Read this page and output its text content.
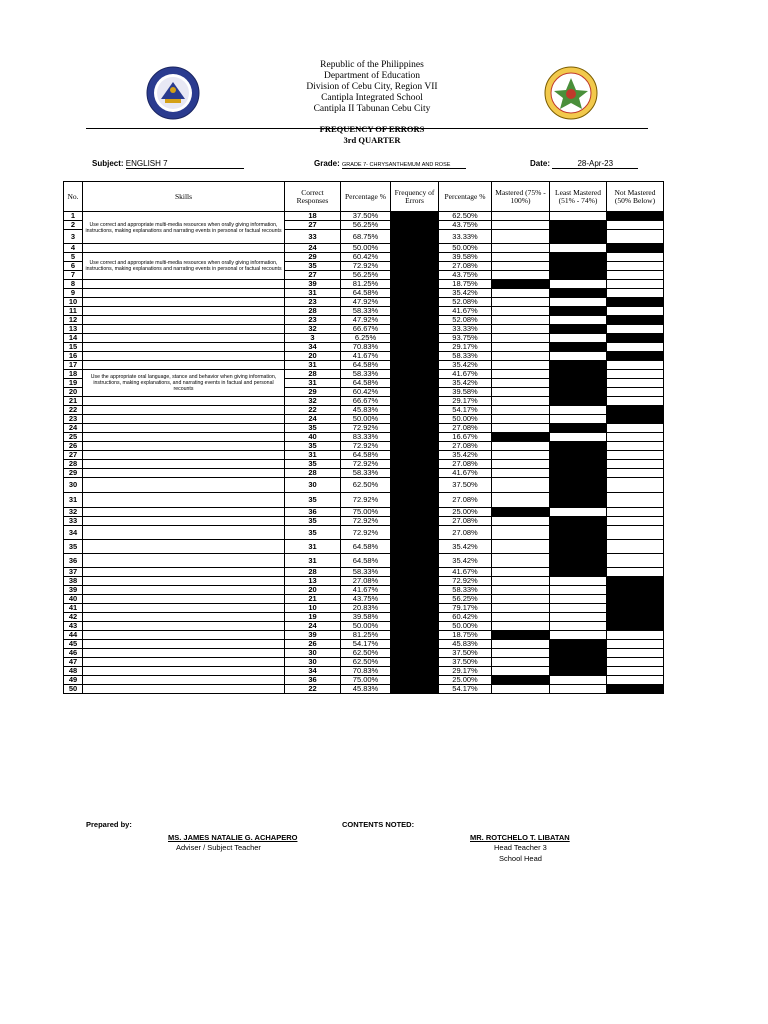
Republic of the Philippines
Department of Education
Division of Cebu City, Region VII
Cantipla Integrated School
Cantipla II Tabunan Cebu City
FREQUENCY OF ERRORS
3rd QUARTER
Subject: ENGLISH 7	Grade: GRADE 7- CHRYSANTHEMUM AND ROSE	Date:	28-Apr-23
No.	Skills	Correct Responses	Percentage %	Frequency of Errors	Percentage %	Mastered (75% - 100%)	Least Mastered (51% - 74%)	Not Mastered (50% Below)
1	Use correct and appropriate multi-media resources when orally giving information, instructions, making explanations and narrating events in personal or factual recounts	18	37.50%		62.50%			
2		27	56.25%		43.75%			
3		33	68.75%		33.33%			
4		24	50.00%		50.00%			
5	Use correct and appropriate multi-media resources when orally giving information, instructions, making explanations and narrating events in personal or factual recounts	29	60.42%		39.58%			
6		35	72.92%		27.08%			
7		27	56.25%		43.75%			
8		39	81.25%		18.75%			
9		31	64.58%		35.42%			
10		23	47.92%		52.08%			
11		28	58.33%		41.67%			
12		23	47.92%		52.08%			
13		32	66.67%		33.33%			
14		3	6.25%		93.75%			
15		34	70.83%		29.17%			
16		20	41.67%		58.33%			
17		31	64.58%		35.42%			
18	Use the appropriate oral language, stance and behavior when giving information, instructions, making explanations, and narrating events in factual and personal recounts	28	58.33%		41.67%			
19		31	64.58%		35.42%			
20		29	60.42%		39.58%			
21		32	66.67%		29.17%			
22		22	45.83%		54.17%			
23		24	50.00%		50.00%			
24		35	72.92%		27.08%			
25		40	83.33%		16.67%			
26		35	72.92%		27.08%			
27		31	64.58%		35.42%			
28		35	72.92%		27.08%			
29		28	58.33%		41.67%			
30		30	62.50%		37.50%			
31		35	72.92%		27.08%			
32		36	75.00%		25.00%			
33		35	72.92%		27.08%			
34		35	72.92%		27.08%			
35		31	64.58%		35.42%			
36		31	64.58%		35.42%			
37		28	58.33%		41.67%			
38		13	27.08%		72.92%			
39		20	41.67%		58.33%			
40		21	43.75%		56.25%			
41		10	20.83%		79.17%			
42		19	39.58%		60.42%			
43		24	50.00%		50.00%			
44		39	81.25%		18.75%			
45		26	54.17%		45.83%			
46		30	62.50%		37.50%			
47		30	62.50%		37.50%			
48		34	70.83%		29.17%			
49		36	75.00%		25.00%			
50		22	45.83%		54.17%			
Prepared by:
MS. JAMES NATALIE G. ACHAPERO
Adviser / Subject Teacher
CONTENTS NOTED:
MR. ROTCHELO T. LIBATAN
Head Teacher 3
School Head
